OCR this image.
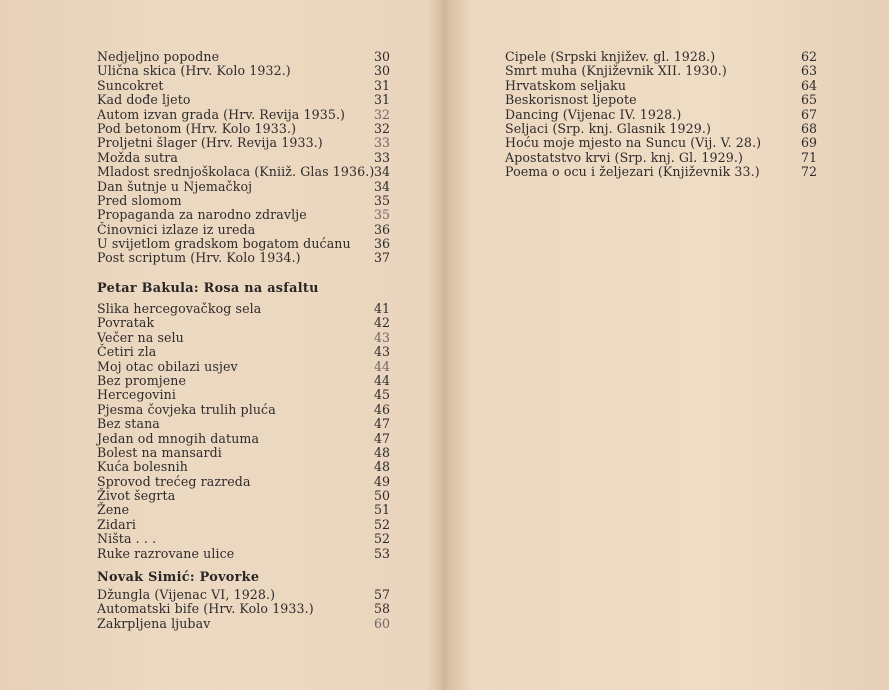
Nedjeljno popodne	30
Ulična skica (Hrv. Kolo 1932.)	30
Suncokret	31
Kad dođe ljeto	31
Autom izvan grada (Hrv. Revija 1935.) 32
Pod betonom (Hrv. Kolo 1933.)	32
Proljetni šlager (Hrv. Revija 1933.)	33
Možda sutra	33
Mladost srednjoškolaca (Kniiž. Glas 1936.) 34
Dan šutnje u Njemačkoj	34
Pred slomom	35
Propaganda za narodno zdravlje	35
Činovnici izlaze iz ureda	36
U svijetlom gradskom bogatom dućanu 36
Post scriptum (Hrv. Kolo 1934.)	37
Petar Bakula: Rosa na asfaltu
Slika hercegovačkog sela	41
Povratak	42
Večer na selu	43
Četiri zla	43
Moj otac obilazi usjev	44
Bez promjene	44
Hercegovini	45
Pjesma čovjeka trulih pluća	46
Bez stana	47
Jedan od mnogih datuma	47
Bolest na mansardi	48
Kuća bolesnih	48
Sprovod trećeg razreda	49
Život šegrta	50
Žene	51
Zidari	52
Ništa . . .	52
Ruke razrovane ulice	53
Novak Simić: Povorke
Džungla (Vijenac VI, 1928.)	57
Automatski bife (Hrv. Kolo 1933.)	58
Zakrpljena ljubav	60
Cipele (Srpski književ. gl. 1928.)	62
Smrt muha (Književnik XII. 1930.)	63
Hrvatskom seljaku	64
Beskorisnost ljepote	65
Dancing (Vijenac IV. 1928.)	67
Seljaci (Srp. knj. Glasnik 1929.)	68
Hoću moje mjesto na Suncu (Vij. V. 28.)	69
Apostatstvo krvi (Srp. knj. Gl. 1929.)	71
Poema o ocu i željezari (Književnik 33.)	72
